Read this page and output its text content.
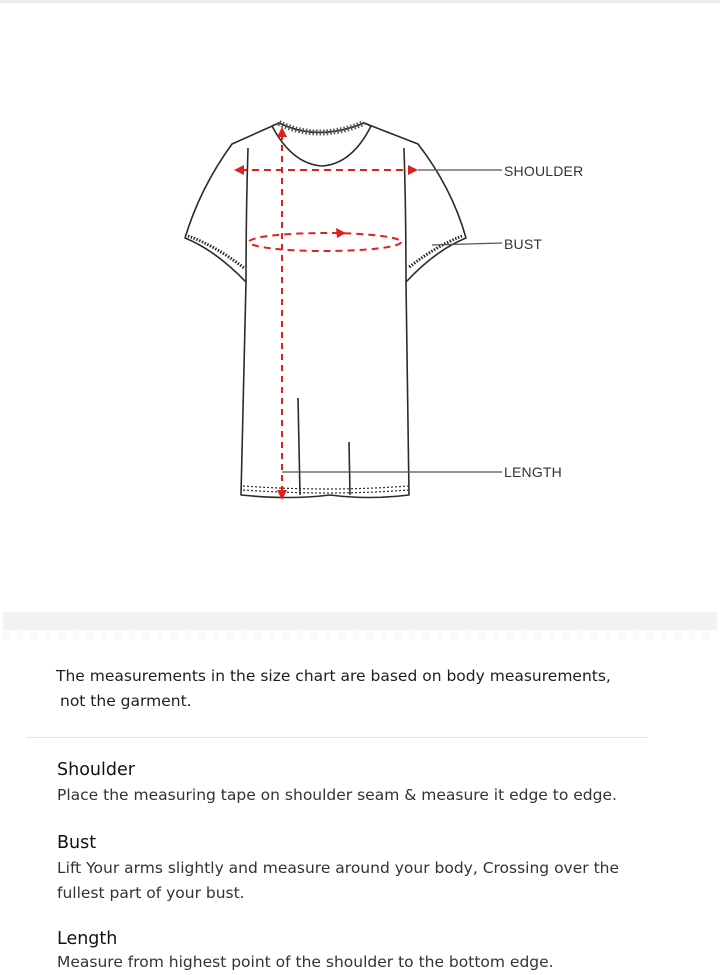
SHOULDER
BUST
LENGTH
The measurements in the size chart are based on body measurements,
not the garment.
Shoulder
Place the measuring tape on shoulder seam & measure it edge to edge.
Bust
Lift Your arms slightly and measure around your body, Crossing over the fullest part of your bust.
Length
Measure from highest point of the shoulder to the bottom edge.
